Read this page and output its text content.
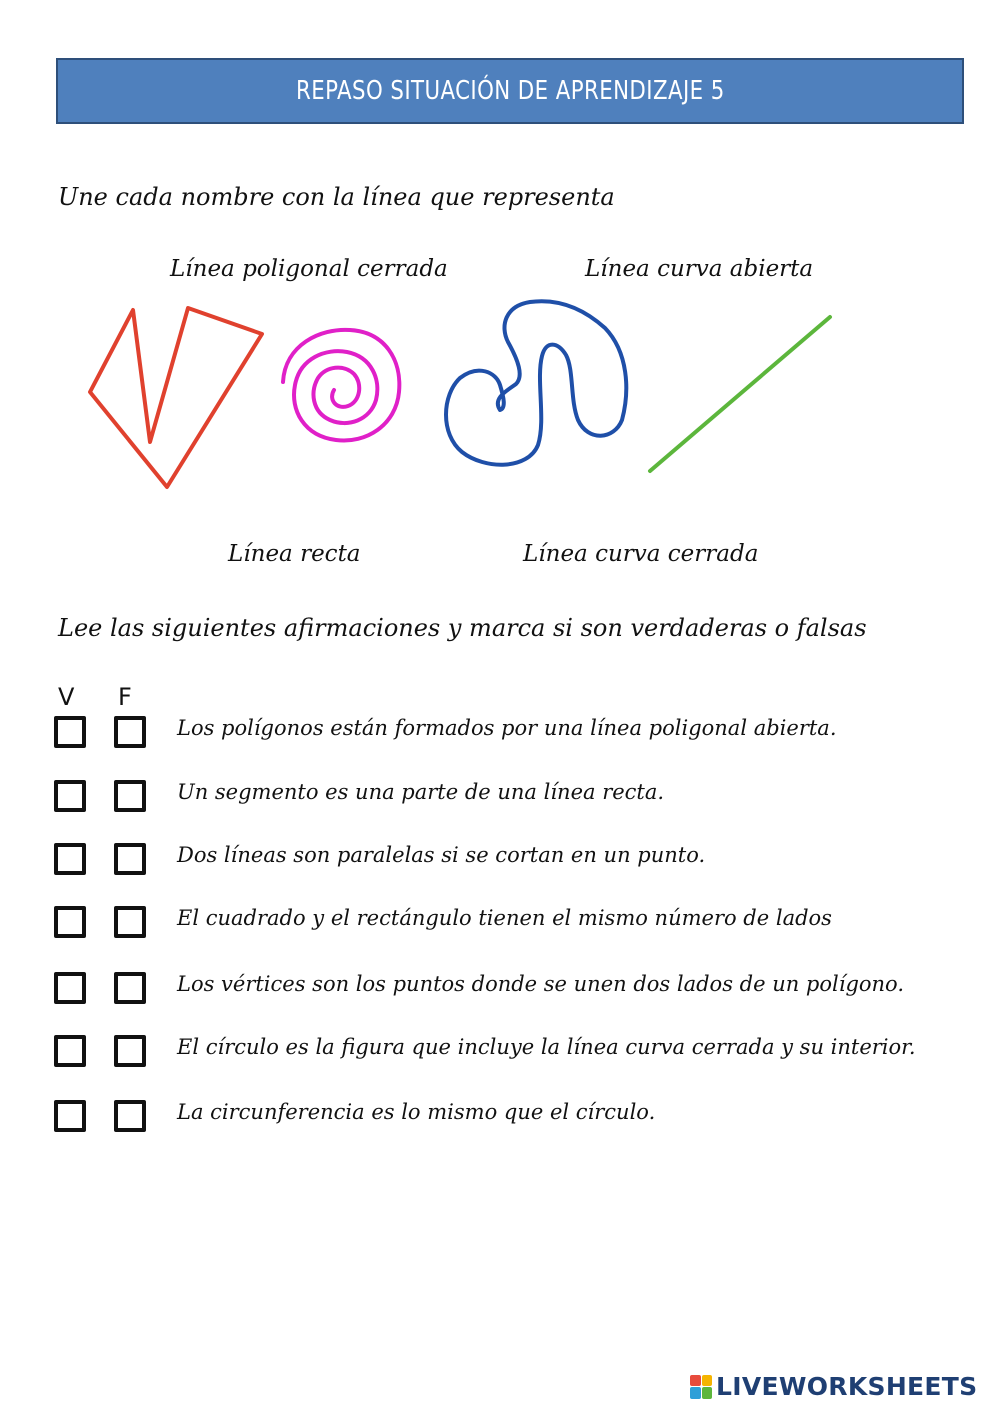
REPASO SITUACIÓN DE APRENDIZAJE 5
Une cada nombre con la línea que representa
Línea poligonal cerrada	Línea curva abierta
Línea recta	Línea curva cerrada
Lee las siguientes afirmaciones y marca si son verdaderas o falsas
V F
Los polígonos están formados por una línea poligonal abierta.
Un segmento es una parte de una línea recta.
Dos líneas son paralelas si se cortan en un punto.
El cuadrado y el rectángulo tienen el mismo número de lados
Los vértices son los puntos donde se unen dos lados de un polígono.
El círculo es la figura que incluye la línea curva cerrada y su interior.
La circunferencia es lo mismo que el círculo.
LIVEWORKSHEETS
